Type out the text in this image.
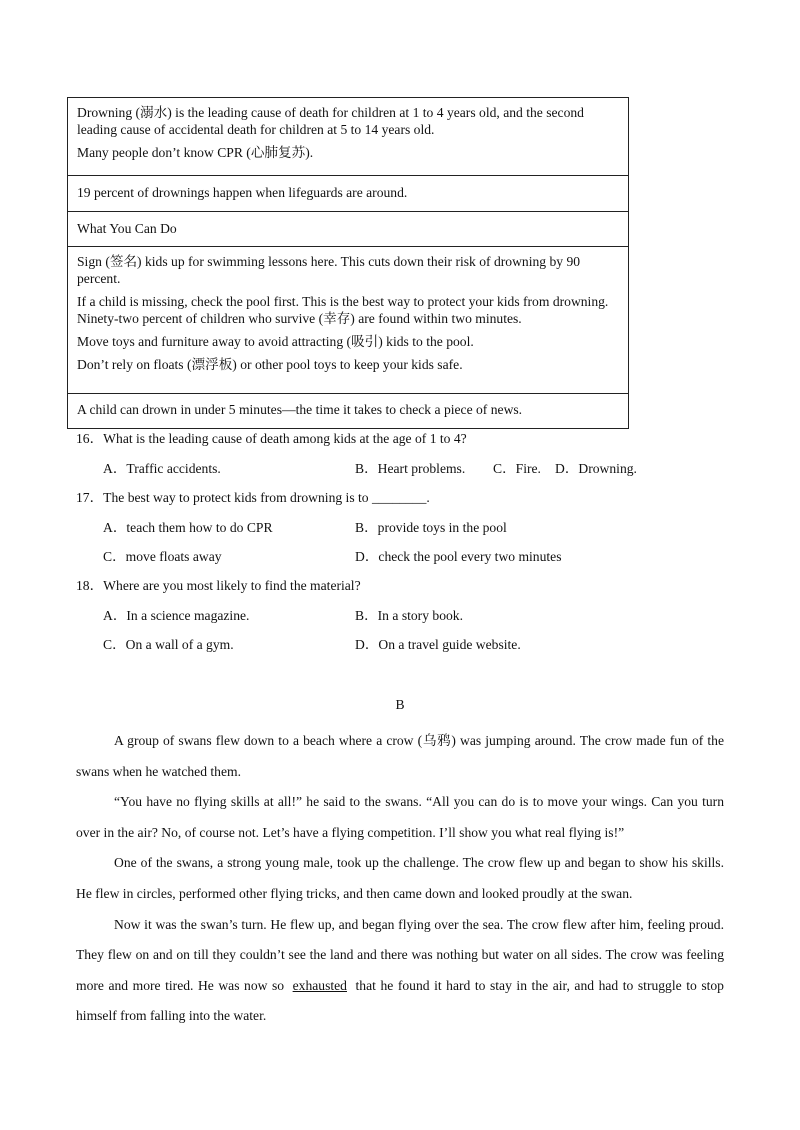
Drowning (溺水) is the leading cause of death for children at 1 to 4 years old, and the second leading cause of accidental death for children at 5 to 14 years old.

Many people don’t know CPR (心肺复苏).

19 percent of drownings happen when lifeguards are around.

What You Can Do

Sign (签名) kids up for swimming lessons here. This cuts down their risk of drowning by 90 percent.

If a child is missing, check the pool first. This is the best way to protect your kids from drowning. Ninety-two percent of children who survive (幸存) are found within two minutes.

Move toys and furniture away to avoid attracting (吸引) kids to the pool.

Don’t rely on floats (漂浮板) or other pool toys to keep your kids safe.

A child can drown in under 5 minutes—the time it takes to check a piece of news.

16．What is the leading cause of death among kids at the age of 1 to 4?
A．Traffic accidents.	B．Heart problems. C．Fire. D．Drowning.
17．The best way to protect kids from drowning is to ________.
A．teach them how to do CPR	B．provide toys in the pool
C．move floats away	D．check the pool every two minutes
18．Where are you most likely to find the material?
A．In a science magazine.	B．In a story book.
C．On a wall of a gym.	D．On a travel guide website.
B

A group of swans flew down to a beach where a crow (乌鸦) was jumping around. The crow made fun of the swans when he watched them.

“You have no flying skills at all!” he said to the swans. “All you can do is to move your wings. Can you turn over in the air? No, of course not. Let’s have a flying competition. I’ll show you what real flying is!”

One of the swans, a strong young male, took up the challenge. The crow flew up and began to show his skills. He flew in circles, performed other flying tricks, and then came down and looked proudly at the swan.

Now it was the swan’s turn. He flew up, and began flying over the sea. The crow flew after him, feeling proud. They flew on and on till they couldn’t see the land and there was nothing but water on all sides. The crow was feeling more and more tired. He was now so exhausted that he found it hard to stay in the air, and had to struggle to stop himself from falling into the water.
